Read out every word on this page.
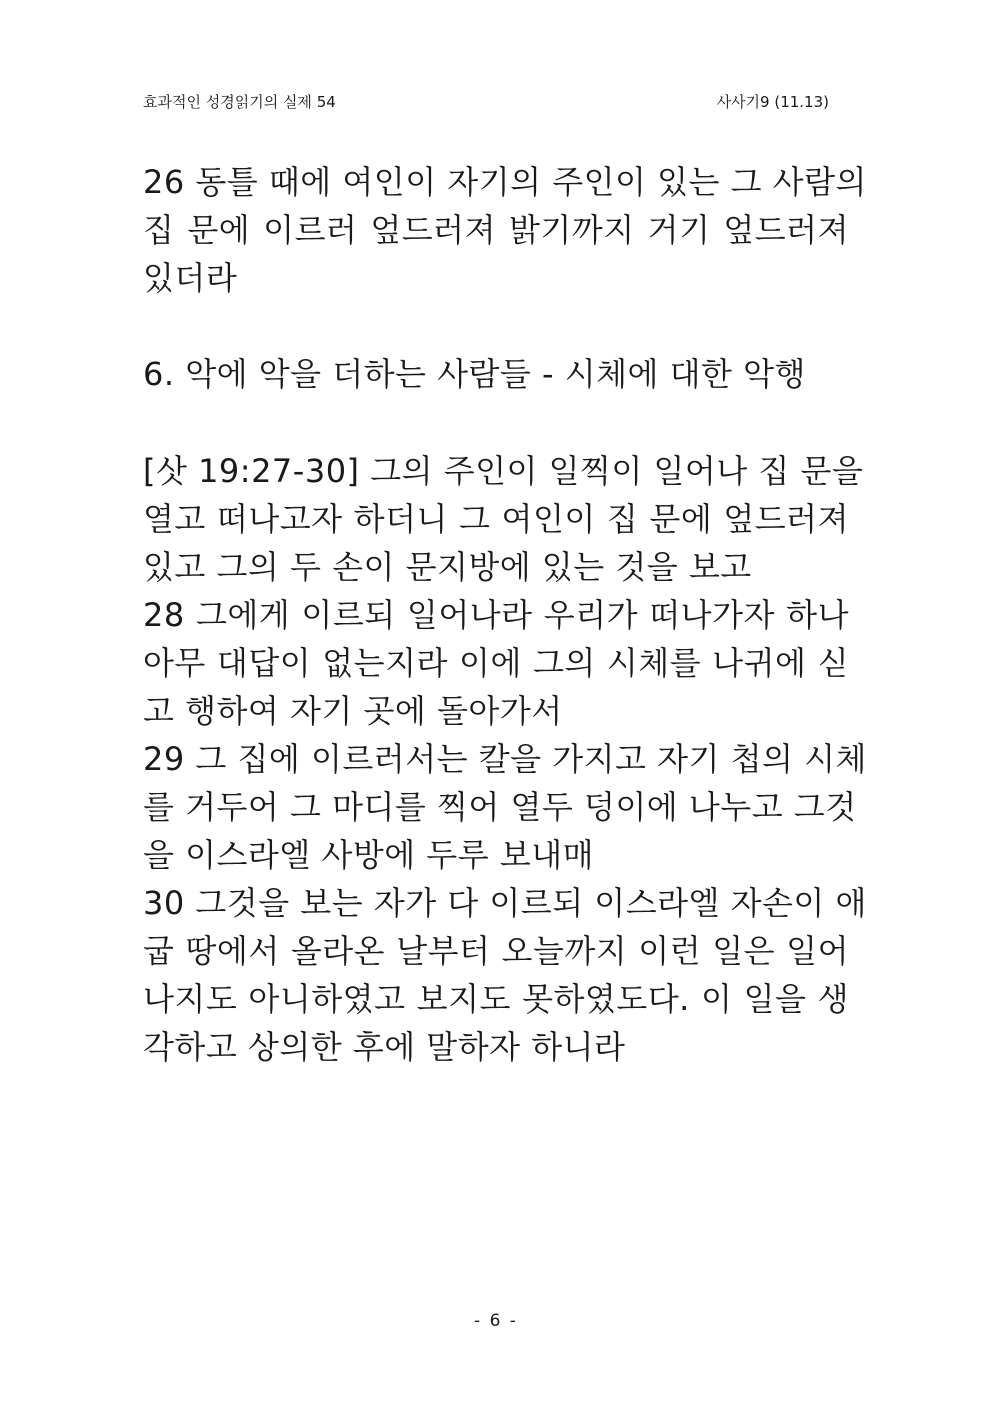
효과적인 성경읽기의 실제 54	사사기9 (11.13)
26 동틀 때에 여인이 자기의 주인이 있는 그 사람의
집 문에 이르러 엎드러져 밝기까지 거기 엎드러져
있더라
6. 악에 악을 더하는 사람들 - 시체에 대한 악행
[삿 19:27-30] 그의 주인이 일찍이 일어나 집 문을
열고 떠나고자 하더니 그 여인이 집 문에 엎드러져
있고 그의 두 손이 문지방에 있는 것을 보고
28 그에게 이르되 일어나라 우리가 떠나가자 하나
아무 대답이 없는지라 이에 그의 시체를 나귀에 싣
고 행하여 자기 곳에 돌아가서
29 그 집에 이르러서는 칼을 가지고 자기 첩의 시체
를 거두어 그 마디를 찍어 열두 덩이에 나누고 그것
을 이스라엘 사방에 두루 보내매
30 그것을 보는 자가 다 이르되 이스라엘 자손이 애
굽 땅에서 올라온 날부터 오늘까지 이런 일은 일어
나지도 아니하였고 보지도 못하였도다. 이 일을 생
각하고 상의한 후에 말하자 하니라
- 6 -
